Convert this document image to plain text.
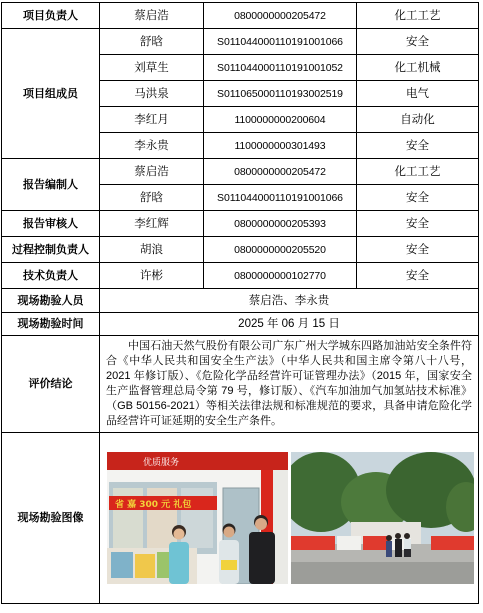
项目负责人	蔡启浩	0800000000205472	化工工艺
项目组成员	舒晗	S011044000110191001066	安全
	刘草生	S011044000110191001052	化工机械
	马洪泉	S011065000110193002519	电气
	李红月	1100000000200604	自动化
	李永贵	1100000000301493	安全
报告编制人	蔡启浩	0800000000205472	化工工艺
	舒晗	S011044000110191001066	安全
报告审核人	李红辉	0800000000205393	安全
过程控制负责人	胡浪	0800000000205520	安全
技术负责人	许彬	0800000000102770	安全
现场勘验人员	蔡启浩、李永贵		
现场勘验时间	2025 年 06 月 15 日		
评价结论	中国石油天然气股份有限公司广东广州大学城东四路加油站安全条件符合《中华人民共和国安全生产法》（中华人民共和国主席令第八十八号，2021 年修订版）、《危险化学品经营许可证管理办法》（2015 年，国家安全生产监督管理总局令第 79 号，修订版）、《汽车加油加气加氢站技术标准》（GB 50156-2021）等相关法律法规和标准规范的要求，具备申请危险化学品经营许可证延期的安全生产条件。		

现场勘验图像	优质服务
省 嘉 300 元 礼包		
